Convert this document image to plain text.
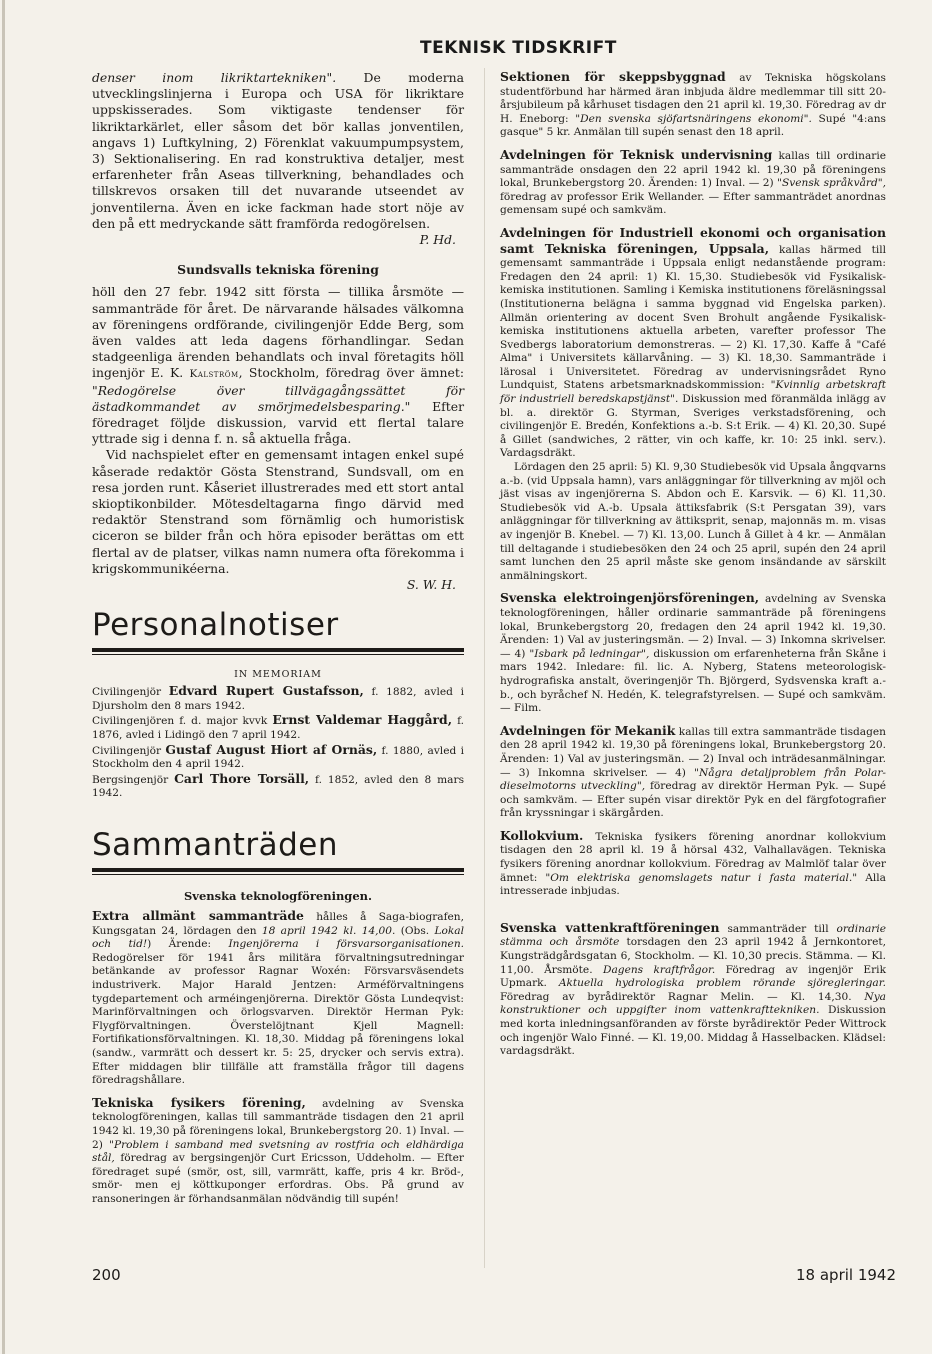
TEKNISK TIDSKRIFT

denser inom likriktartekniken". De moderna utvecklingslinjerna i Europa och USA för likriktare uppskisserades. Som viktigaste tendenser för likriktarkärlet, eller såsom det bör kallas jonventilen, angavs 1) Luftkylning, 2) Förenklat vakuumpumpsystem, 3) Sektionalisering. En rad konstruktiva detaljer, mest erfarenheter från Aseas tillverkning, behandlades och tillskrevos orsaken till det nuvarande utseendet av jonventilerna. Även en icke fackman hade stort nöje av den på ett medryckande sätt framförda redogörelsen.

P. Hd.

Sundsvalls tekniska förening

höll den 27 febr. 1942 sitt första — tillika årsmöte — sammanträde för året. De närvarande hälsades välkomna av föreningens ordförande, civilingenjör Edde Berg, som även valdes att leda dagens förhandlingar. Sedan stadgeenliga ärenden behandlats och inval företagits höll ingenjör E. K. Kalström, Stockholm, föredrag över ämnet: "Redogörelse över tillvägagångssättet för ästadkommandet av smörjmedelsbesparing." Efter föredraget följde diskussion, varvid ett flertal talare yttrade sig i denna f. n. så aktuella fråga.

Vid nachspielet efter en gemensamt intagen enkel supé kåserade redaktör Gösta Stenstrand, Sundsvall, om en resa jorden runt. Kåseriet illustrerades med ett stort antal skioptikonbilder. Mötesdeltagarna fingo därvid med redaktör Stenstrand som förnämlig och humoristisk ciceron se bilder från och höra episoder berättas om ett flertal av de platser, vilkas namn numera ofta förekomma i krigskommunikéerna.

S. W. H.

Personalnotiser

IN MEMORIAM

Civilingenjör Edvard Rupert Gustafsson, f. 1882, avled i Djursholm den 8 mars 1942.

Civilingenjören f. d. major kvvk Ernst Valdemar Haggård, f. 1876, avled i Lidingö den 7 april 1942.

Civilingenjör Gustaf August Hiort af Ornäs, f. 1880, avled i Stockholm den 4 april 1942.

Bergsingenjör Carl Thore Torsäll, f. 1852, avled den 8 mars 1942.

Sammanträden

Svenska teknologföreningen.

Extra allmänt sammanträde hålles å Saga-biografen, Kungsgatan 24, lördagen den 18 april 1942 kl. 14,00. (Obs. Lokal och tid!) Ärende: Ingenjörerna i försvarsorganisationen. Redogörelser för 1941 års militära förvaltningsutredningar betänkande av professor Ragnar Woxén: Försvarsväsendets industriverk. Major Harald Jentzen: Arméförvaltningens tygdepartement och arméingenjörerna. Direktör Gösta Lundeqvist: Marinförvaltningen och örlogsvarven. Direktör Herman Pyk: Flygförvaltningen. Överstelöjtnant Kjell Magnell: Fortifikationsförvaltningen. Kl. 18,30. Middag på föreningens lokal (sandw., varmrätt och dessert kr. 5: 25, drycker och servis extra). Efter middagen blir tillfälle att framställa frågor till dagens föredragshållare.

Tekniska fysikers förening, avdelning av Svenska teknologföreningen, kallas till sammanträde tisdagen den 21 april 1942 kl. 19,30 på föreningens lokal, Brunkebergstorg 20. 1) Inval. — 2) "Problem i samband med svetsning av rostfria och eldhärdiga stål, föredrag av bergsingenjör Curt Ericsson, Uddeholm. — Efter föredraget supé (smör, ost, sill, varmrätt, kaffe, pris 4 kr. Bröd-, smör- men ej köttkuponger erfordras. Obs. På grund av ransoneringen är förhandsanmälan nödvändig till supén!

Sektionen för skeppsbyggnad av Tekniska högskolans studentförbund har härmed äran inbjuda äldre medlemmar till sitt 20-årsjubileum på kårhuset tisdagen den 21 april kl. 19,30. Föredrag av dr H. Eneborg: "Den svenska sjöfartsnäringens ekonomi". Supé "4:ans gasque" 5 kr. Anmälan till supén senast den 18 april.

Avdelningen för Teknisk undervisning kallas till ordinarie sammanträde onsdagen den 22 april 1942 kl. 19,30 på föreningens lokal, Brunkebergstorg 20. Ärenden: 1) Inval. — 2) "Svensk språkvård", föredrag av professor Erik Wellander. — Efter sammanträdet anordnas gemensam supé och samkväm.

Avdelningen för Industriell ekonomi och organisation samt Tekniska föreningen, Uppsala, kallas härmed till gemensamt sammanträde i Uppsala enligt nedanstående program: Fredagen den 24 april: 1) Kl. 15,30. Studiebesök vid Fysikalisk-kemiska institutionen. Samling i Kemiska institutionens föreläsningssal (Institutionerna belägna i samma byggnad vid Engelska parken). Allmän orientering av docent Sven Brohult angående Fysikalisk-kemiska institutionens aktuella arbeten, varefter professor The Svedbergs laboratorium demonstreras. — 2) Kl. 17,30. Kaffe å "Café Alma" i Universitets källarvåning. — 3) Kl. 18,30. Sammanträde i lärosal i Universitetet. Föredrag av undervisningsrådet Ryno Lundquist, Statens arbetsmarknadskommission: "Kvinnlig arbetskraft för industriell beredskapstjänst". Diskussion med föranmälda inlägg av bl. a. direktör G. Styrman, Sveriges verkstadsförening, och civilingenjör E. Bredén, Konfektions a.-b. S:t Erik. — 4) Kl. 20,30. Supé å Gillet (sandwiches, 2 rätter, vin och kaffe, kr. 10: 25 inkl. serv.). Vardagsdräkt.

Lördagen den 25 april: 5) Kl. 9,30 Studiebesök vid Upsala ångqvarns a.-b. (vid Uppsala hamn), vars anläggningar för tillverkning av mjöl och jäst visas av ingenjörerna S. Abdon och E. Karsvik. — 6) Kl. 11,30. Studiebesök vid A.-b. Upsala ättiksfabrik (S:t Persgatan 39), vars anläggningar för tillverkning av ättiksprit, senap, majonnäs m. m. visas av ingenjör B. Knebel. — 7) Kl. 13,00. Lunch å Gillet à 4 kr. — Anmälan till deltagande i studiebesöken den 24 och 25 april, supén den 24 april samt lunchen den 25 april måste ske genom insändande av särskilt anmälningskort.

Svenska elektroingenjörsföreningen, avdelning av Svenska teknologföreningen, håller ordinarie sammanträde på föreningens lokal, Brunkebergstorg 20, fredagen den 24 april 1942 kl. 19,30. Ärenden: 1) Val av justeringsmän. — 2) Inval. — 3) Inkomna skrivelser. — 4) "Isbark på ledningar", diskussion om erfarenheterna från Skåne i mars 1942. Inledare: fil. lic. A. Nyberg, Statens meteorologisk-hydrografiska anstalt, överingenjör Th. Björgerd, Sydsvenska kraft a.-b., och byråchef N. Hedén, K. telegrafstyrelsen. — Supé och samkväm. — Film.

Avdelningen för Mekanik kallas till extra sammanträde tisdagen den 28 april 1942 kl. 19,30 på föreningens lokal, Brunkebergstorg 20. Ärenden: 1) Val av justeringsmän. — 2) Inval och inträdesanmälningar. — 3) Inkomna skrivelser. — 4) "Några detaljproblem från Polar-dieselmotorns utveckling", föredrag av direktör Herman Pyk. — Supé och samkväm. — Efter supén visar direktör Pyk en del färgfotografier från kryssningar i skärgården.

Kollokvium. Tekniska fysikers förening anordnar kollokvium tisdagen den 28 april kl. 19 å hörsal 432, Valhallavägen. Tekniska fysikers förening anordnar kollokvium. Föredrag av Malmlöf talar över ämnet: "Om elektriska genomslagets natur i fasta material." Alla intresserade inbjudas.

Svenska vattenkraftföreningen sammanträder till ordinarie stämma och årsmöte torsdagen den 23 april 1942 å Jernkontoret, Kungsträdgårdsgatan 6, Stockholm. — Kl. 10,30 precis. Stämma. — Kl. 11,00. Årsmöte. Dagens kraftfrågor. Föredrag av ingenjör Erik Upmark. Aktuella hydrologiska problem rörande sjöregleringar. Föredrag av byrådirektör Ragnar Melin. — Kl. 14,30. Nya konstruktioner och uppgifter inom vattenkrafttekniken. Diskussion med korta inledningsanföranden av förste byrådirektör Peder Wittrock och ingenjör Walo Finné. — Kl. 19,00. Middag å Hasselbacken. Klädsel: vardagsdräkt.

200	18 april 1942
